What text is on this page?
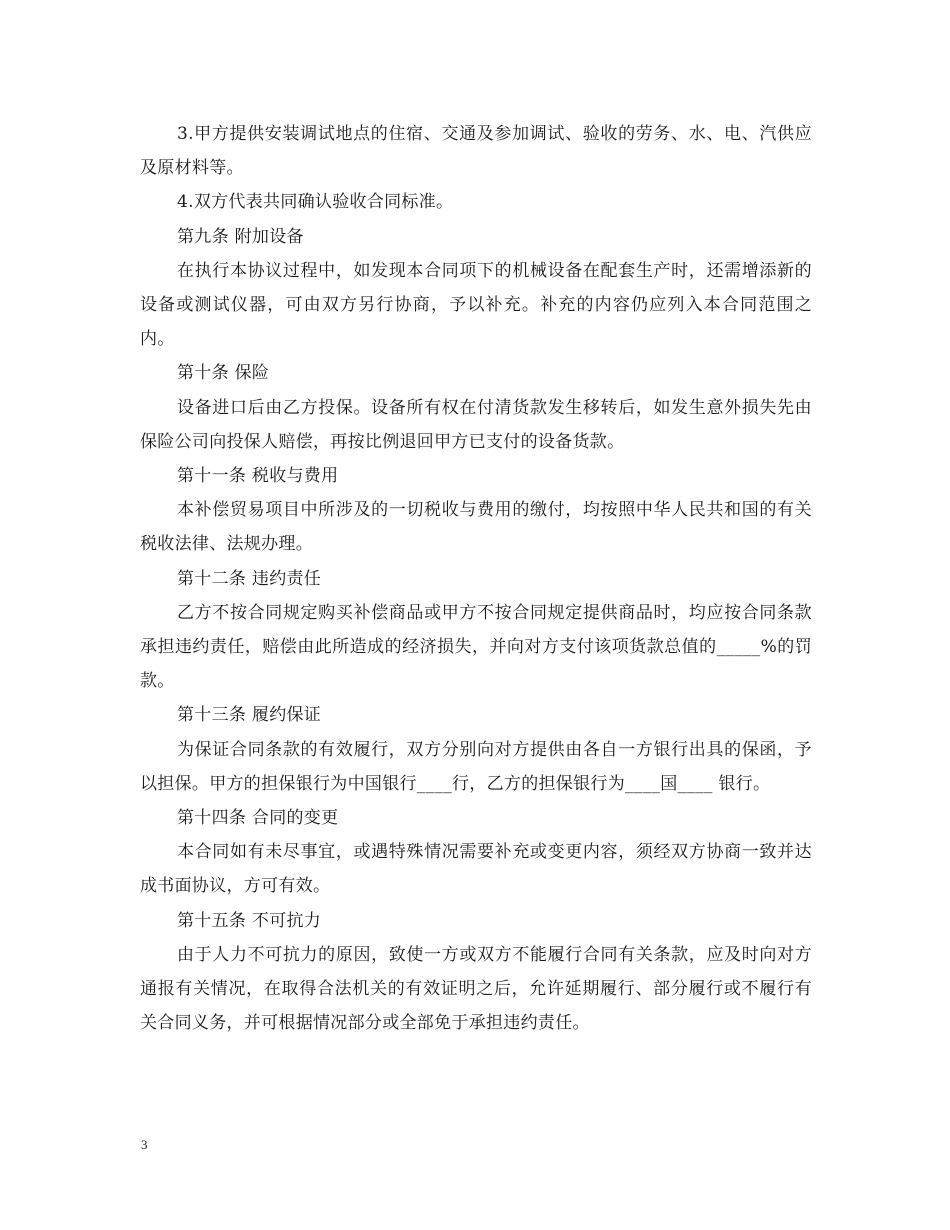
3.甲方提供安装调试地点的住宿、交通及参加调试、验收的劳务、水、电、汽供应及原材料等。

4.双方代表共同确认验收合同标准。

第九条 附加设备

在执行本协议过程中，如发现本合同项下的机械设备在配套生产时，还需增添新的设备或测试仪器，可由双方另行协商，予以补充。补充的内容仍应列入本合同范围之内。

第十条 保险

设备进口后由乙方投保。设备所有权在付清货款发生移转后，如发生意外损失先由保险公司向投保人赔偿，再按比例退回甲方已支付的设备货款。

第十一条 税收与费用

本补偿贸易项目中所涉及的一切税收与费用的缴付，均按照中华人民共和国的有关税收法律、法规办理。

第十二条 违约责任

乙方不按合同规定购买补偿商品或甲方不按合同规定提供商品时，均应按合同条款承担违约责任，赔偿由此所造成的经济损失，并向对方支付该项货款总值的_____%的罚款。

第十三条 履约保证

为保证合同条款的有效履行，双方分别向对方提供由各自一方银行出具的保函，予以担保。甲方的担保银行为中国银行____行，乙方的担保银行为____国____ 银行。

第十四条 合同的变更

本合同如有未尽事宜，或遇特殊情况需要补充或变更内容，须经双方协商一致并达成书面协议，方可有效。

第十五条 不可抗力

由于人力不可抗力的原因，致使一方或双方不能履行合同有关条款，应及时向对方通报有关情况，在取得合法机关的有效证明之后，允许延期履行、部分履行或不履行有关合同义务，并可根据情况部分或全部免于承担违约责任。

3
